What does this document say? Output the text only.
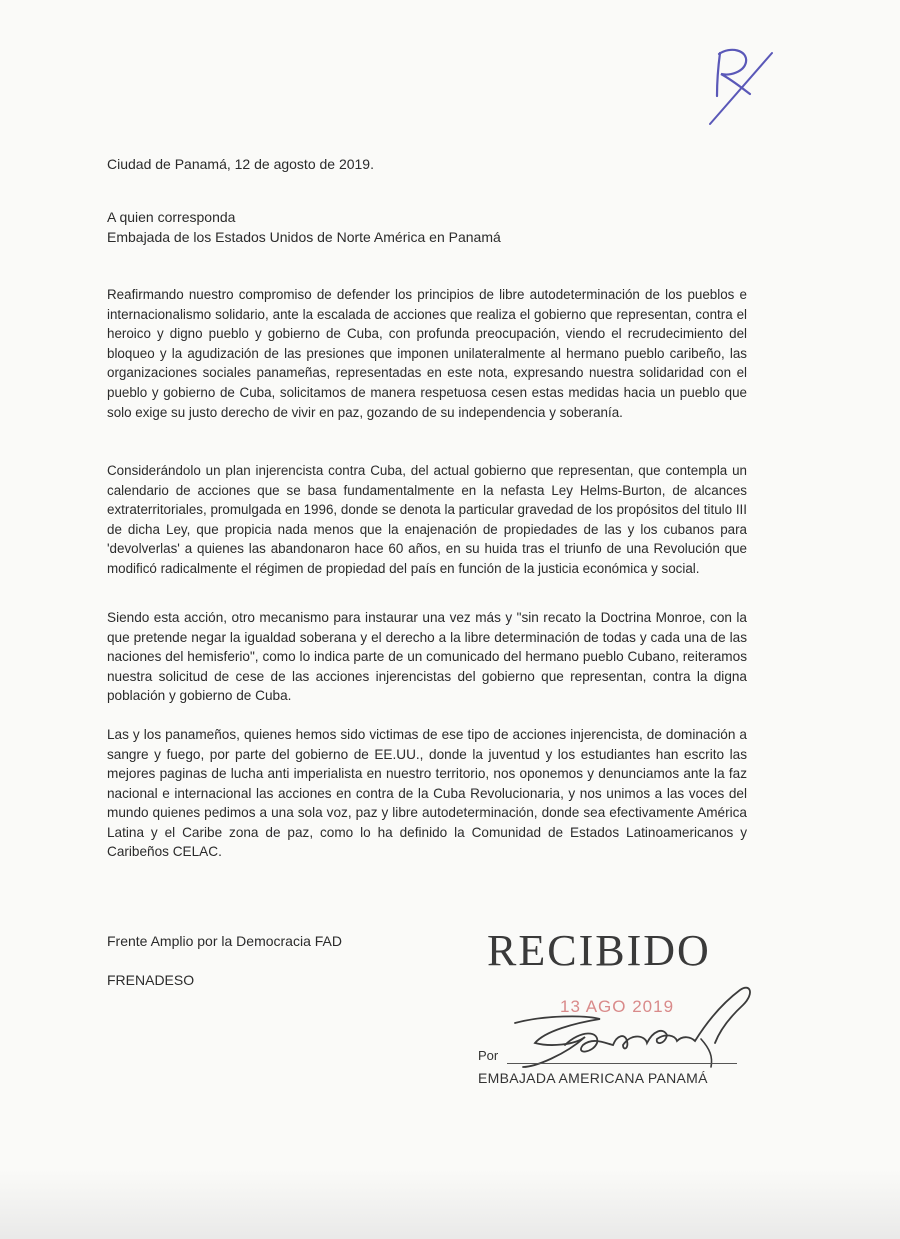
Ciudad de Panamá, 12 de agosto de 2019.
A quien corresponda
Embajada de los Estados Unidos de Norte América en Panamá

Reafirmando nuestro compromiso de defender los principios de libre autodeterminación de los pueblos e internacionalismo solidario, ante la escalada de acciones que realiza el gobierno que representan, contra el heroico y digno pueblo y gobierno de Cuba, con profunda preocupación, viendo el recrudecimiento del bloqueo y la agudización de las presiones que imponen unilateralmente al hermano pueblo caribeño, las organizaciones sociales panameñas, representadas en este nota, expresando nuestra solidaridad con el pueblo y gobierno de Cuba, solicitamos de manera respetuosa cesen estas medidas hacia un pueblo que solo exige su justo derecho de vivir en paz, gozando de su independencia y soberanía.

Considerándolo un plan injerencista contra Cuba, del actual gobierno que representan, que contempla un calendario de acciones que se basa fundamentalmente en la nefasta Ley Helms-Burton, de alcances extraterritoriales, promulgada en 1996, donde se denota la particular gravedad de los propósitos del titulo III de dicha Ley, que propicia nada menos que la enajenación de propiedades de las y los cubanos para 'devolverlas' a quienes las abandonaron hace 60 años, en su huida tras el triunfo de una Revolución que modificó radicalmente el régimen de propiedad del país en función de la justicia económica y social.

Siendo esta acción, otro mecanismo para instaurar una vez más y "sin recato la Doctrina Monroe, con la que pretende negar la igualdad soberana y el derecho a la libre determinación de todas y cada una de las naciones del hemisferio", como lo indica parte de un comunicado del hermano pueblo Cubano, reiteramos nuestra solicitud de cese de las acciones injerencistas del gobierno que representan, contra la digna población y gobierno de Cuba.

Las y los panameños, quienes hemos sido victimas de ese tipo de acciones injerencista, de dominación a sangre y fuego, por parte del gobierno de EE.UU., donde la juventud y los estudiantes han escrito las mejores paginas de lucha anti imperialista en nuestro territorio, nos oponemos y denunciamos ante la faz nacional e internacional las acciones en contra de la Cuba Revolucionaria, y nos unimos a las voces del mundo quienes pedimos a una sola voz, paz y libre autodeterminación, donde sea efectivamente América Latina y el Caribe zona de paz, como lo ha definido la Comunidad de Estados Latinoamericanos y Caribeños CELAC.

Frente Amplio por la Democracia FAD
FRENADESO
RECIBIDO
13 AGO 2019
Por
EMBAJADA AMERICANA PANAMÁ
